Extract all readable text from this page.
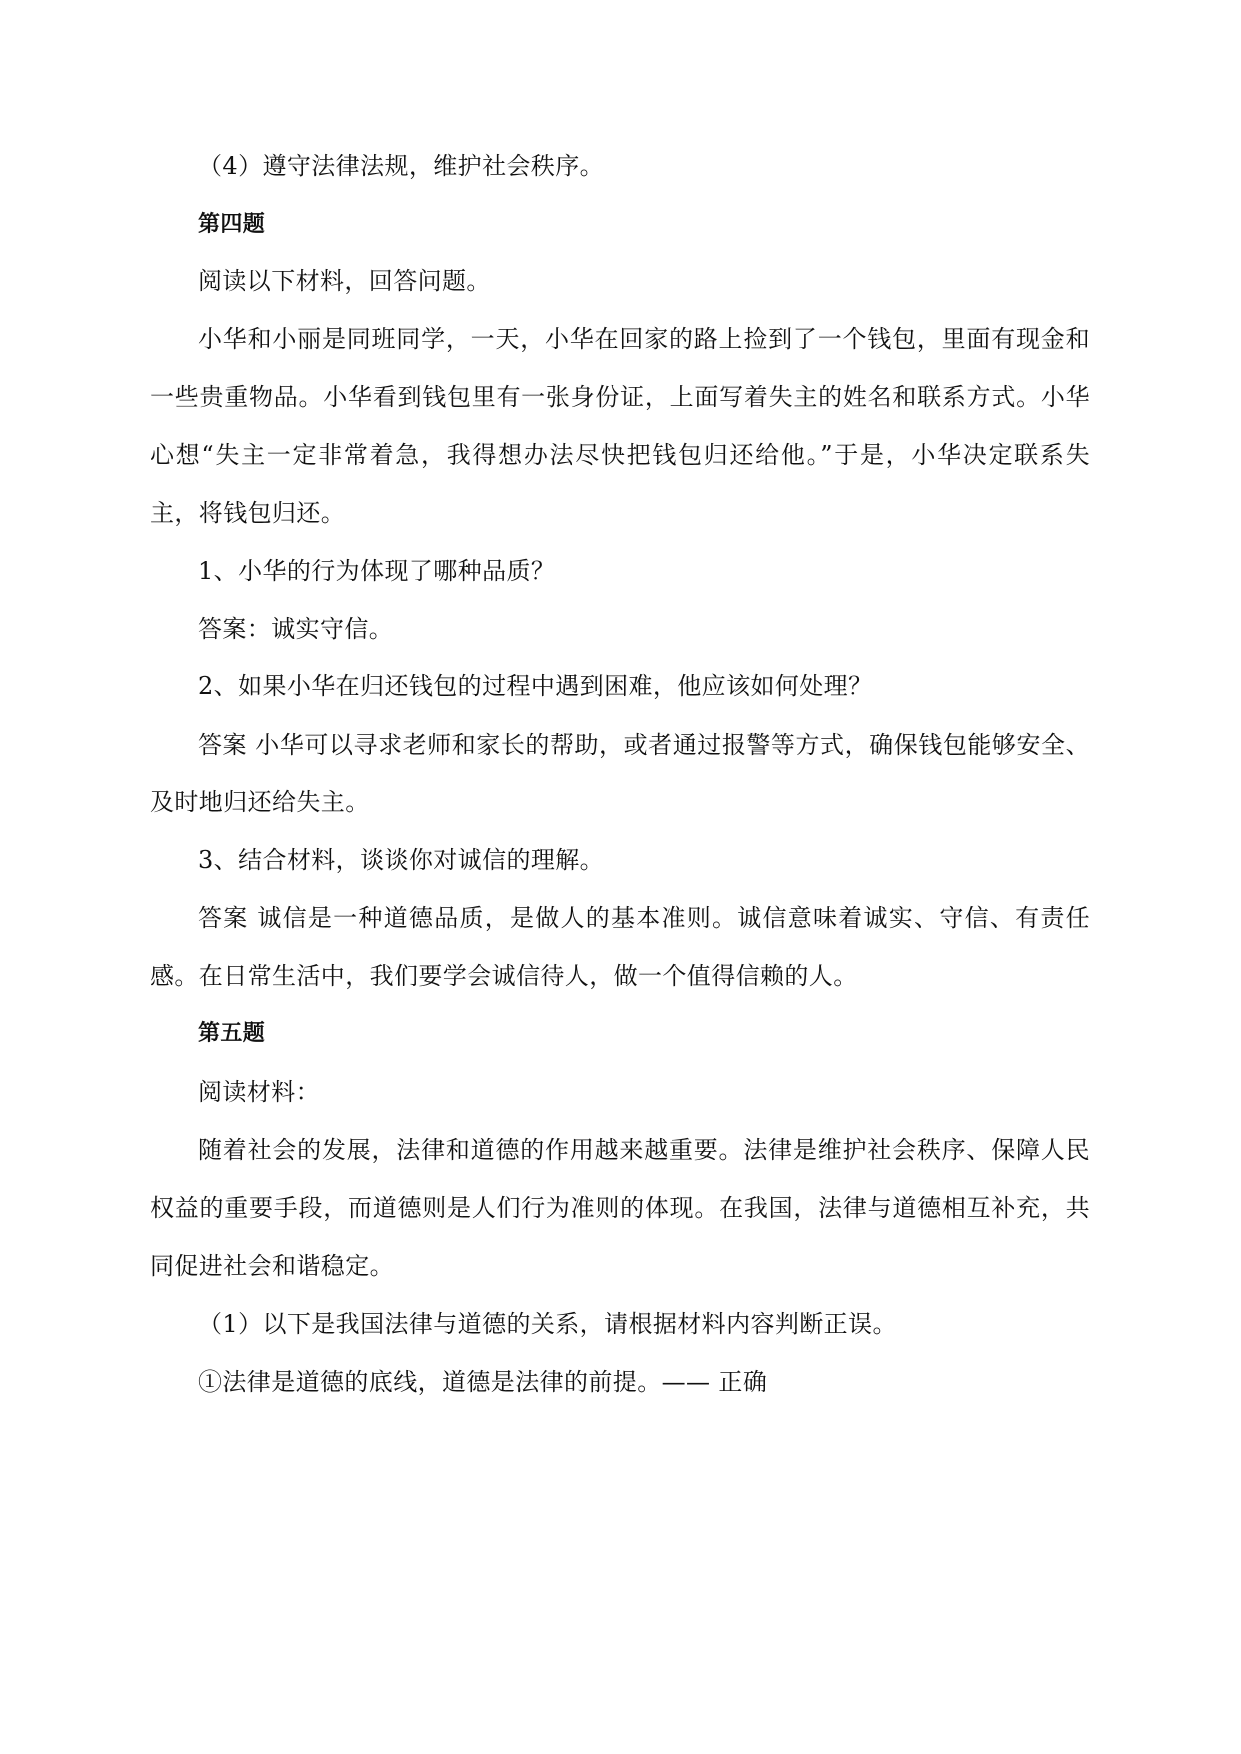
（4）遵守法律法规，维护社会秩序。
第四题
阅读以下材料，回答问题。
小华和小丽是同班同学，一天，小华在回家的路上捡到了一个钱包，里面有现金和
一些贵重物品。小华看到钱包里有一张身份证，上面写着失主的姓名和联系方式。小华
心想“失主一定非常着急，我得想办法尽快把钱包归还给他。”于是，小华决定联系失
主，将钱包归还。
1、小华的行为体现了哪种品质？
答案：诚实守信。
2、如果小华在归还钱包的过程中遇到困难，他应该如何处理？
答案 小华可以寻求老师和家长的帮助，或者通过报警等方式，确保钱包能够安全、
及时地归还给失主。
3、结合材料，谈谈你对诚信的理解。
答案 诚信是一种道德品质，是做人的基本准则。诚信意味着诚实、守信、有责任
感。在日常生活中，我们要学会诚信待人，做一个值得信赖的人。
第五题
阅读材料：
随着社会的发展，法律和道德的作用越来越重要。法律是维护社会秩序、保障人民
权益的重要手段，而道德则是人们行为准则的体现。在我国，法律与道德相互补充，共
同促进社会和谐稳定。
（1）以下是我国法律与道德的关系，请根据材料内容判断正误。
①法律是道德的底线，道德是法律的前提。—— 正确
